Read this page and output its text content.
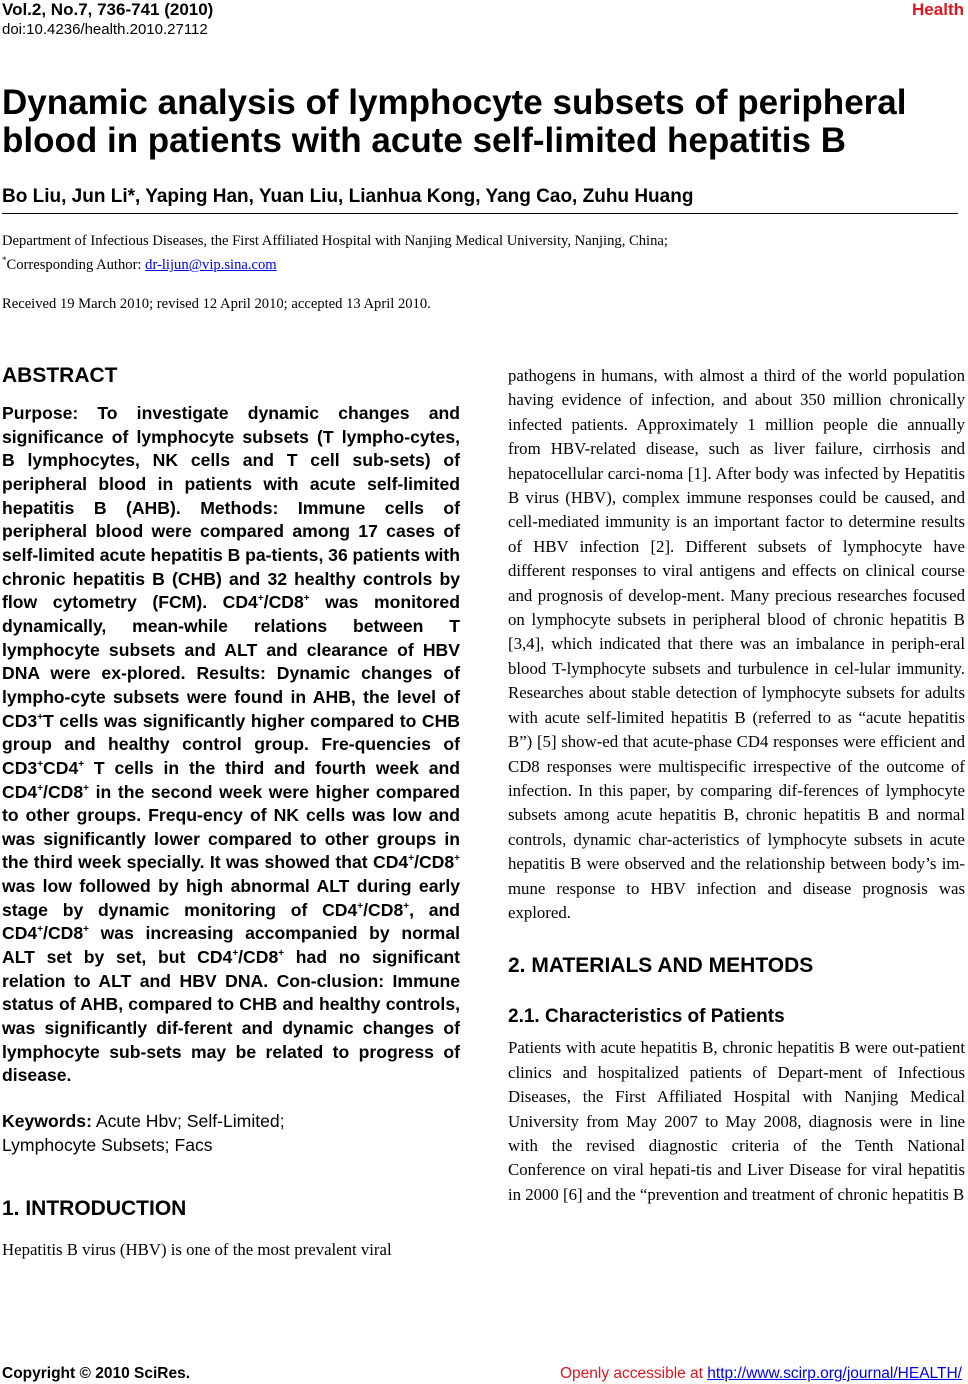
Vol.2, No.7, 736-741 (2010)
doi:10.4236/health.2010.27112
Health
Dynamic analysis of lymphocyte subsets of peripheral blood in patients with acute self-limited hepatitis B
Bo Liu, Jun Li*, Yaping Han, Yuan Liu, Lianhua Kong, Yang Cao, Zuhu Huang
Department of Infectious Diseases, the First Affiliated Hospital with Nanjing Medical University, Nanjing, China;
*Corresponding Author: dr-lijun@vip.sina.com
Received 19 March 2010; revised 12 April 2010; accepted 13 April 2010.
ABSTRACT
Purpose: To investigate dynamic changes and significance of lymphocyte subsets (T lympho-cytes, B lymphocytes, NK cells and T cell sub-sets) of peripheral blood in patients with acute self-limited hepatitis B (AHB). Methods: Immune cells of peripheral blood were compared among 17 cases of self-limited acute hepatitis B pa-tients, 36 patients with chronic hepatitis B (CHB) and 32 healthy controls by flow cytometry (FCM). CD4+/CD8+ was monitored dynamically, mean-while relations between T lymphocyte subsets and ALT and clearance of HBV DNA were ex-plored. Results: Dynamic changes of lympho-cyte subsets were found in AHB, the level of CD3+T cells was significantly higher compared to CHB group and healthy control group. Fre-quencies of CD3+CD4+ T cells in the third and fourth week and CD4+/CD8+ in the second week were higher compared to other groups. Frequ-ency of NK cells was low and was significantly lower compared to other groups in the third week specially. It was showed that CD4+/CD8+ was low followed by high abnormal ALT during early stage by dynamic monitoring of CD4+/CD8+, and CD4+/CD8+ was increasing accompanied by normal ALT set by set, but CD4+/CD8+ had no significant relation to ALT and HBV DNA. Con-clusion: Immune status of AHB, compared to CHB and healthy controls, was significantly dif-ferent and dynamic changes of lymphocyte sub-sets may be related to progress of disease.
Keywords: Acute Hbv; Self-Limited;
Lymphocyte Subsets; Facs
1. INTRODUCTION
Hepatitis B virus (HBV) is one of the most prevalent viral
pathogens in humans, with almost a third of the world population having evidence of infection, and about 350 million chronically infected patients. Approximately 1 million people die annually from HBV-related disease, such as liver failure, cirrhosis and hepatocellular carci-noma [1]. After body was infected by Hepatitis B virus (HBV), complex immune responses could be caused, and cell-mediated immunity is an important factor to determine results of HBV infection [2]. Different subsets of lymphocyte have different responses to viral antigens and effects on clinical course and prognosis of develop-ment. Many precious researches focused on lymphocyte subsets in peripheral blood of chronic hepatitis B [3,4], which indicated that there was an imbalance in periph-eral blood T-lymphocyte subsets and turbulence in cel-lular immunity. Researches about stable detection of lymphocyte subsets for adults with acute self-limited hepatitis B (referred to as “acute hepatitis B”) [5] show-ed that acute-phase CD4 responses were efficient and CD8 responses were multispecific irrespective of the outcome of infection. In this paper, by comparing dif-ferences of lymphocyte subsets among acute hepatitis B, chronic hepatitis B and normal controls, dynamic char-acteristics of lymphocyte subsets in acute hepatitis B were observed and the relationship between body’s im-mune response to HBV infection and disease prognosis was explored.
2. MATERIALS AND MEHTODS
2.1. Characteristics of Patients
Patients with acute hepatitis B, chronic hepatitis B were out-patient clinics and hospitalized patients of Depart-ment of Infectious Diseases, the First Affiliated Hospital with Nanjing Medical University from May 2007 to May 2008, diagnosis were in line with the revised diagnostic criteria of the Tenth National Conference on viral hepati-tis and Liver Disease for viral hepatitis in 2000 [6] and the “prevention and treatment of chronic hepatitis B
Copyright © 2010 SciRes.	Openly accessible at http://www.scirp.org/journal/HEALTH/
